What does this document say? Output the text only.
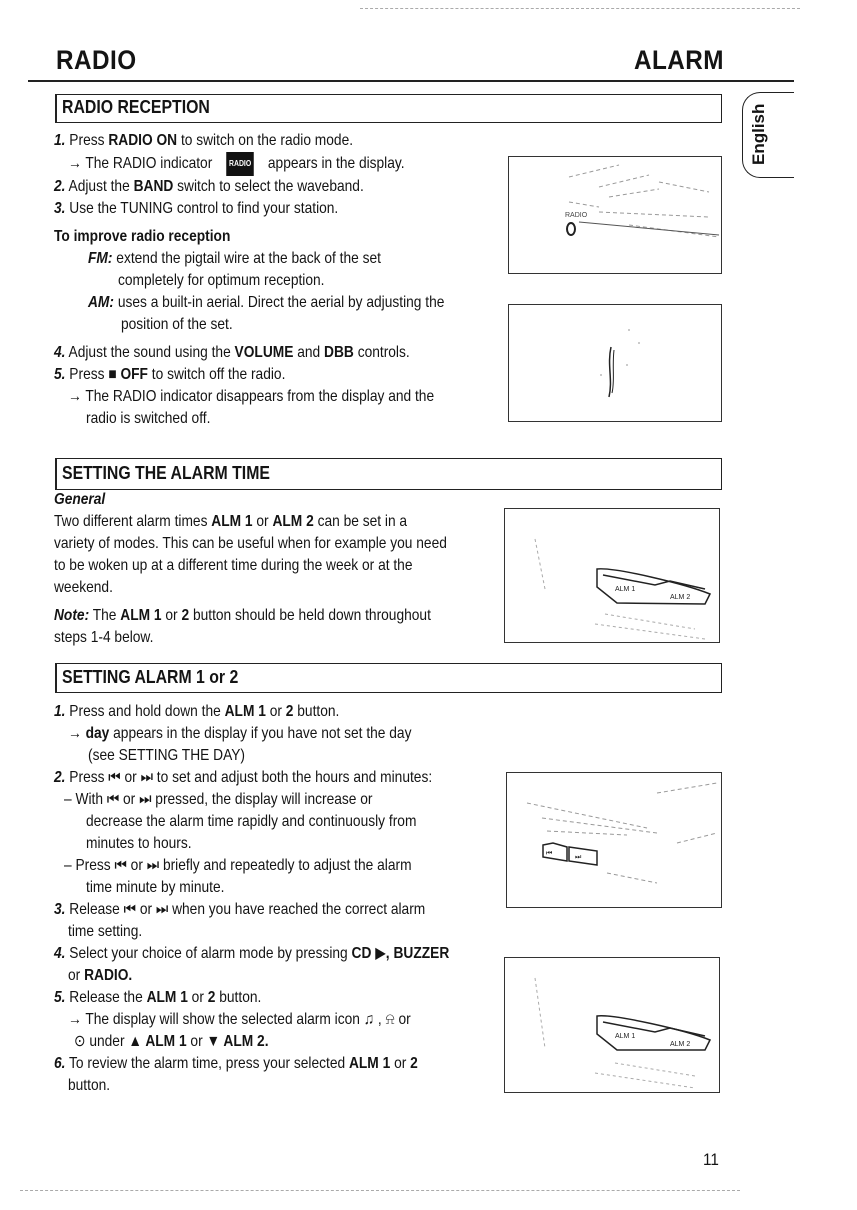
RADIO	ALARM
English
RADIO RECEPTION
1. Press RADIO ON to switch on the radio mode.
→ The RADIO indicator RADIO appears in the display.
2. Adjust the BAND switch to select the waveband.
3. Use the TUNING control to find your station.
To improve radio reception
FM: extend the pigtail wire at the back of the set
completely for optimum reception.
AM: uses a built-in aerial. Direct the aerial by adjusting the
position of the set.
4. Adjust the sound using the VOLUME and DBB controls.
5. Press ■ OFF to switch off the radio.
→ The RADIO indicator disappears from the display and the
radio is switched off.
RADIO
SETTING THE ALARM TIME
General
Two different alarm times ALM 1 or ALM 2 can be set in a
variety of modes. This can be useful when for example you need
to be woken up at a different time during the week or at the
weekend.
Note: The ALM 1 or 2 button should be held down throughout
steps 1-4 below.
ALM 1
ALM 2
SETTING ALARM 1 or 2
1. Press and hold down the ALM 1 or 2 button.
→ day appears in the display if you have not set the day
(see SETTING THE DAY)
2. Press ⏮ or ⏭ to set and adjust both the hours and minutes:
– With ⏮ or ⏭ pressed, the display will increase or
decrease the alarm time rapidly and continuously from
minutes to hours.
– Press ⏮ or ⏭ briefly and repeatedly to adjust the alarm
time minute by minute.
3. Release ⏮ or ⏭ when you have reached the correct alarm
time setting.
4. Select your choice of alarm mode by pressing CD ▶, BUZZER
or RADIO.
5. Release the ALM 1 or 2 button.
→ The display will show the selected alarm icon ♫ , ⍾ or
⊙ under ▲ ALM 1 or ▼ ALM 2.
6. To review the alarm time, press your selected ALM 1 or 2
button.
⏮	⏭
ALM 1
ALM 2
11
